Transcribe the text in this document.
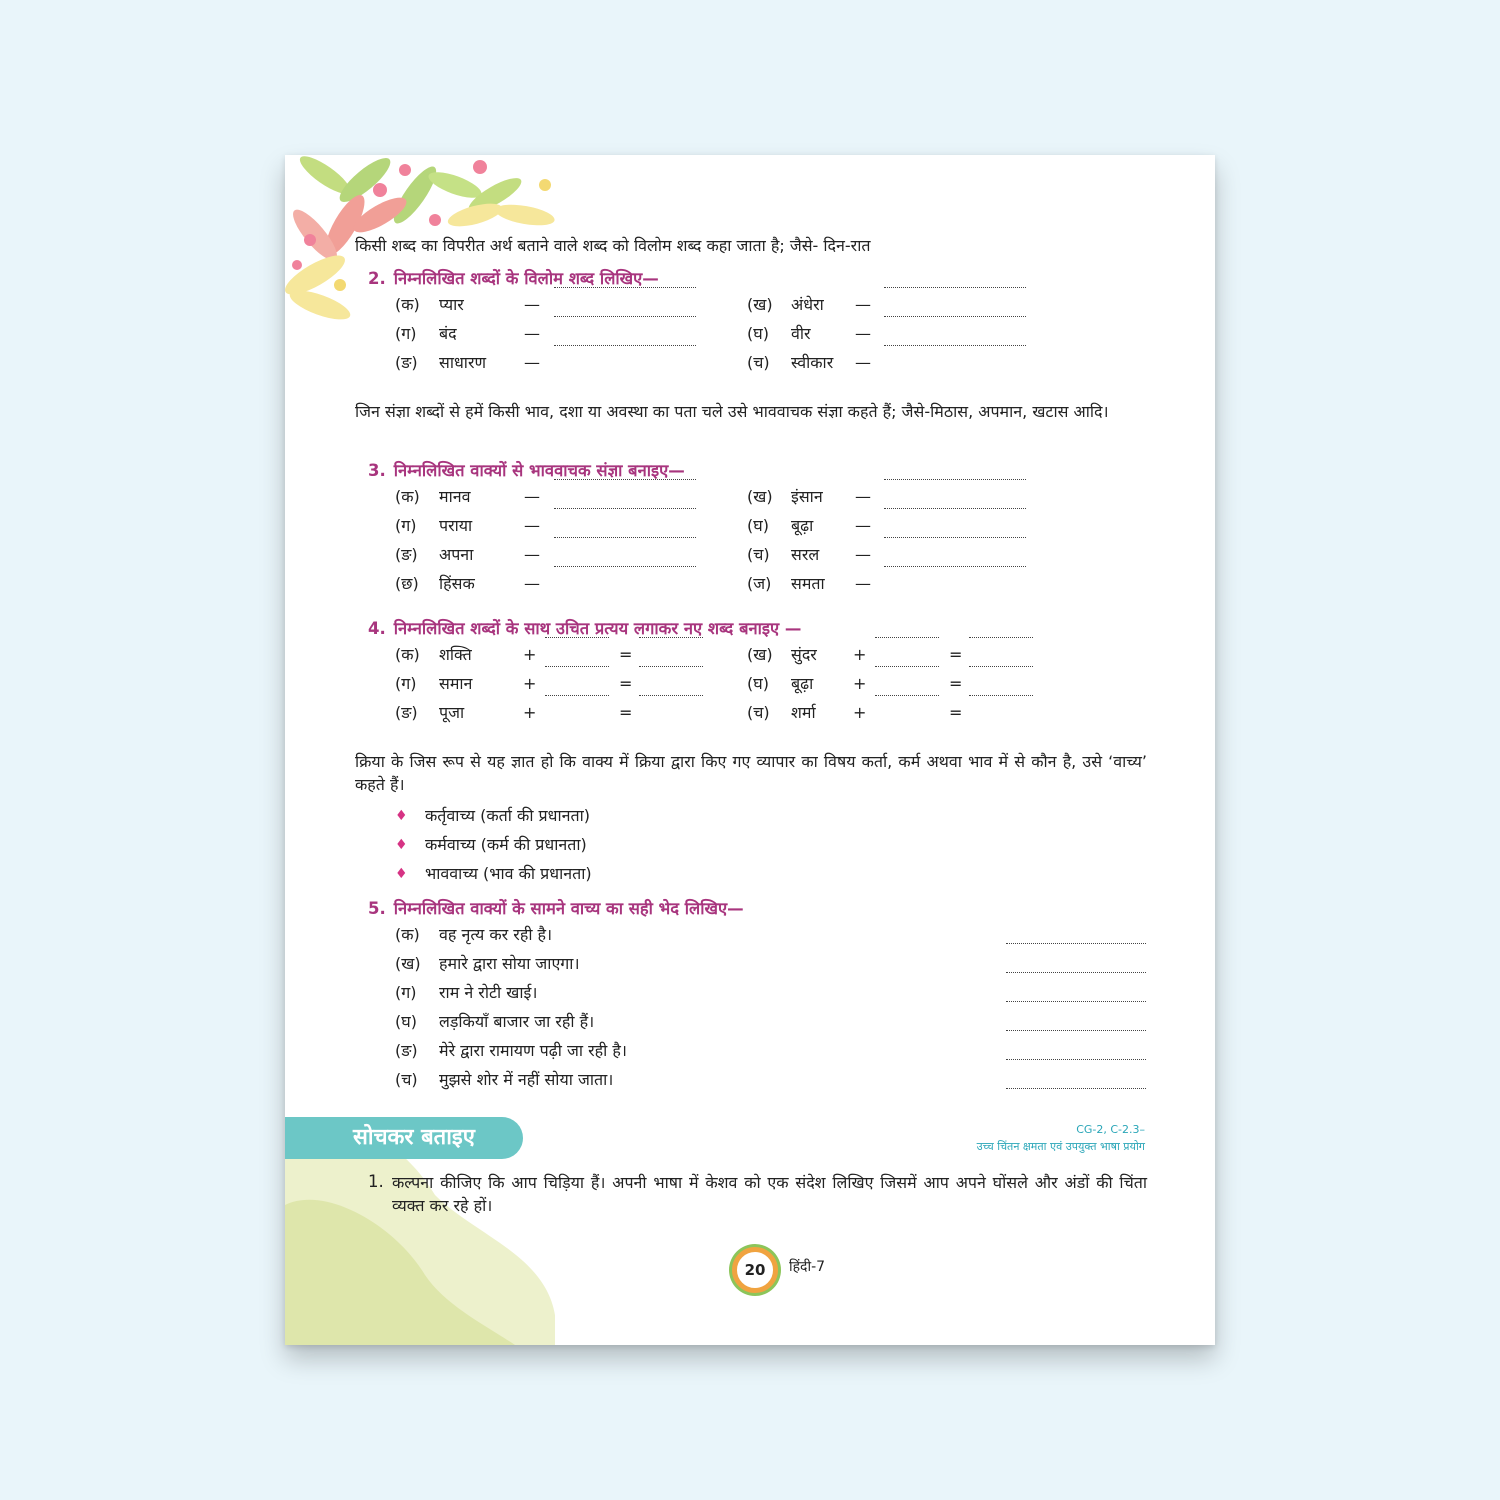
किसी शब्द का विपरीत अर्थ बताने वाले शब्द को विलोम शब्द कहा जाता है; जैसे- दिन-रात
2. निम्नलिखित शब्दों के विलोम शब्द लिखिए—
(क) प्यार	—	(ख) अंधेरा —
(ग) बंद	—	(घ) वीर	—
(ङ) साधारण —	(च) स्वीकार —
जिन संज्ञा शब्दों से हमें किसी भाव, दशा या अवस्था का पता चले उसे भाववाचक संज्ञा कहते हैं; जैसे-मिठास, अपमान, खटास आदि।
3. निम्नलिखित वाक्यों से भाववाचक संज्ञा बनाइए—
(क) मानव	—	(ख) इंसान —
(ग) पराया	—	(घ) बूढ़ा	—
(ङ) अपना	—	(च) सरल —
(छ) हिंसक	—	(ज) समता —
4. निम्नलिखित शब्दों के साथ उचित प्रत्यय लगाकर नए शब्द बनाइए —
(क) शक्ति	+	=	(ख) सुंदर +	=
(ग) समान	+	=	(घ) बूढ़ा +	=
(ङ) पूजा	+	=	(च) शर्मा +	=
क्रिया के जिस रूप से यह ज्ञात हो कि वाक्य में क्रिया द्वारा किए गए व्यापार का विषय कर्ता, कर्म अथवा भाव में से कौन है, उसे ‘वाच्य’ कहते हैं।
♦ कर्तृवाच्य (कर्ता की प्रधानता)
♦ कर्मवाच्य (कर्म की प्रधानता)
♦ भाववाच्य (भाव की प्रधानता)
5. निम्नलिखित वाक्यों के सामने वाच्य का सही भेद लिखिए—
(क) वह नृत्य कर रही है।
(ख) हमारे द्वारा सोया जाएगा।
(ग) राम ने रोटी खाई।
(घ) लड़कियाँ बाजार जा रही हैं।
(ङ) मेरे द्वारा रामायण पढ़ी जा रही है।
(च) मुझसे शोर में नहीं सोया जाता।
सोचकर बताइए	CG-2, C-2.3–
उच्च चिंतन क्षमता एवं उपयुक्त भाषा प्रयोग
1. कल्पना कीजिए कि आप चिड़िया हैं। अपनी भाषा में केशव को एक संदेश लिखिए जिसमें आप अपने घोंसले और अंडों की चिंता व्यक्त कर रहे हों।
20	हिंदी-7
